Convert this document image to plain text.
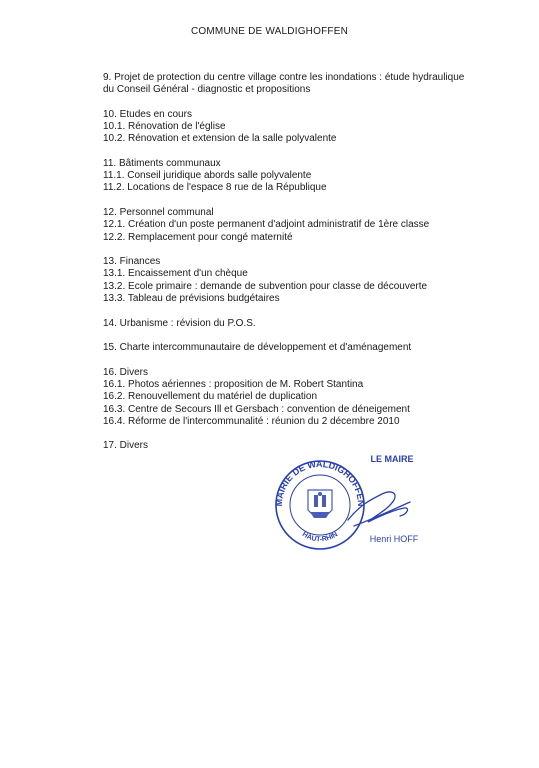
COMMUNE DE WALDIGHOFFEN
9. Projet de protection du centre village contre les inondations : étude hydraulique
du Conseil Général - diagnostic et propositions
10. Etudes en cours
10.1. Rénovation de l'église
10.2. Rénovation et extension de la salle polyvalente
11. Bâtiments communaux
11.1. Conseil juridique abords salle polyvalente
11.2. Locations de l'espace 8 rue de la République
12. Personnel communal
12.1. Création d'un poste permanent d'adjoint administratif de 1ère classe
12.2. Remplacement pour congé maternité
13. Finances
13.1. Encaissement d'un chèque
13.2. Ecole primaire : demande de subvention pour classe de découverte
13.3. Tableau de prévisions budgétaires
14. Urbanisme : révision du P.O.S.
15. Charte intercommunautaire de développement et d'aménagement
16. Divers
16.1. Photos aériennes : proposition de M. Robert Stantina
16.2. Renouvellement du matériel de duplication
16.3. Centre de Secours Ill et Gersbach : convention de déneigement
16.4. Réforme de l'intercommunalité : réunion du 2 décembre 2010
17. Divers
MAIRIE DE WALDIGHOFFEN
HAUT-RHIN
LE MAIRE
Henri HOFF
